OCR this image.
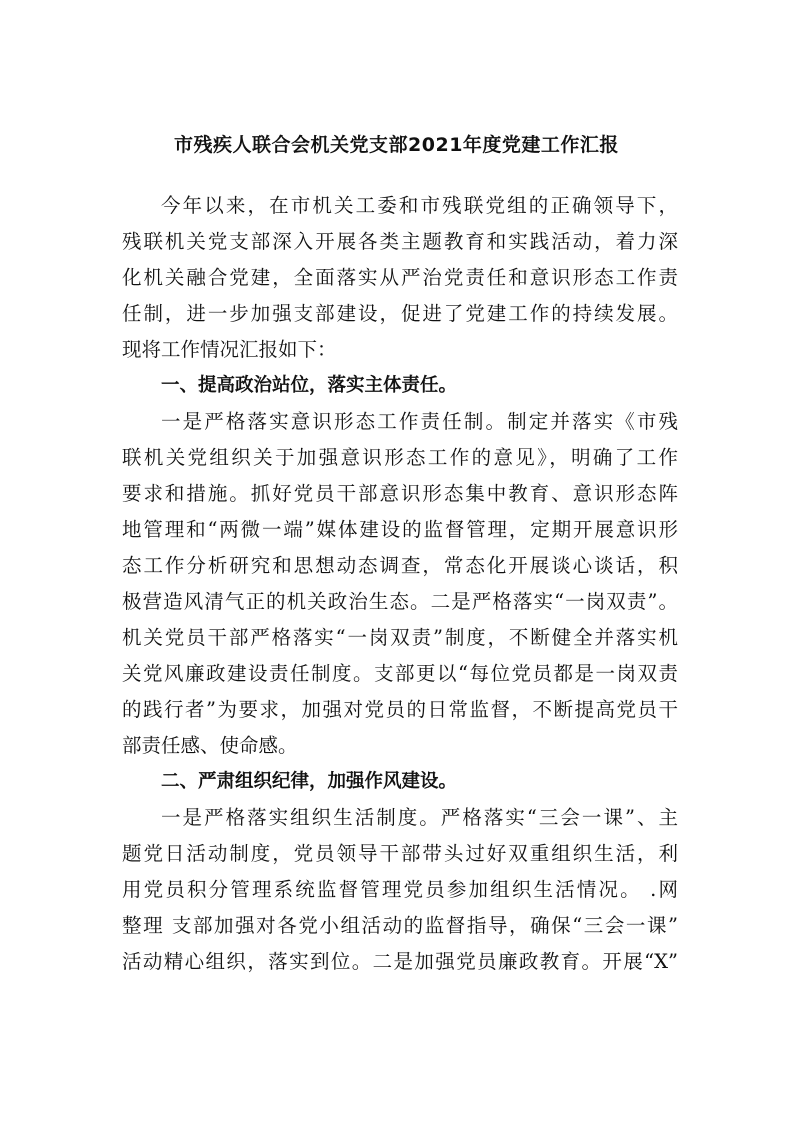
市残疾人联合会机关党支部2021年度党建工作汇报
今年以来，在市机关工委和市残联党组的正确领导下，
残联机关党支部深入开展各类主题教育和实践活动，着力深
化机关融合党建，全面落实从严治党责任和意识形态工作责
任制，进一步加强支部建设，促进了党建工作的持续发展。
现将工作情况汇报如下：
一、提高政治站位，落实主体责任。
一是严格落实意识形态工作责任制。制定并落实《市残
联机关党组织关于加强意识形态工作的意见》，明确了工作
要求和措施。抓好党员干部意识形态集中教育、意识形态阵
地管理和“两微一端”媒体建设的监督管理，定期开展意识形
态工作分析研究和思想动态调查，常态化开展谈心谈话，积
极营造风清气正的机关政治生态。二是严格落实“一岗双责”。
机关党员干部严格落实“一岗双责”制度，不断健全并落实机
关党风廉政建设责任制度。支部更以“每位党员都是一岗双责
的践行者”为要求，加强对党员的日常监督，不断提高党员干
部责任感、使命感。
二、严肃组织纪律，加强作风建设。
一是严格落实组织生活制度。严格落实“三会一课”、主
题党日活动制度，党员领导干部带头过好双重组织生活，利
用党员积分管理系统监督管理党员参加组织生活情况。 .网
整理 支部加强对各党小组活动的监督指导，确保“三会一课”
活动精心组织，落实到位。二是加强党员廉政教育。开展“X”
